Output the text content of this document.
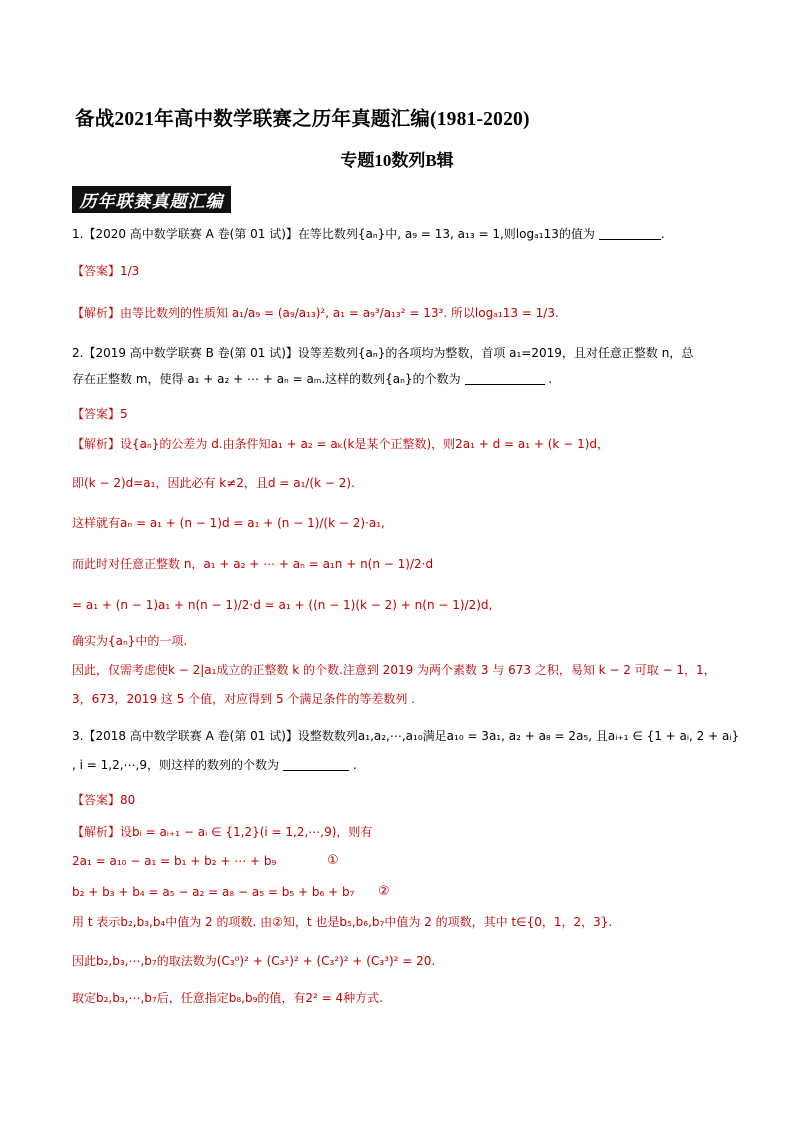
备战2021年高中数学联赛之历年真题汇编(1981-2020)
专题10数列B辑
历年联赛真题汇编
1.【2020 高中数学联赛 A 卷(第 01 试)】在等比数列{aₙ}中, a₉ = 13, a₁₃ = 1,则logₐ₁13的值为	.
【答案】1/3
【解析】由等比数列的性质知 a₁/a₉ = (a₉/a₁₃)², a₁ = a₉³/a₁₃² = 13³. 所以logₐ₁13 = 1/3.
2.【2019 高中数学联赛 B 卷(第 01 试)】设等差数列{aₙ}的各项均为整数，首项 a₁=2019，且对任意正整数 n，总
存在正整数 m，使得 a₁ + a₂ + ⋯ + aₙ = aₘ.这样的数列{aₙ}的个数为	.
【答案】5
【解析】设{aₙ}的公差为 d.由条件知a₁ + a₂ = aₖ(k是某个正整数)，则2a₁ + d = a₁ + (k − 1)d，
即(k − 2)d=a₁，因此必有 k≠2，且d = a₁/(k − 2).
这样就有aₙ = a₁ + (n − 1)d = a₁ + (n − 1)/(k − 2)·a₁,
而此时对任意正整数 n，a₁ + a₂ + ⋯ + aₙ = a₁n + n(n − 1)/2·d
= a₁ + (n − 1)a₁ + n(n − 1)/2·d = a₁ + ((n − 1)(k − 2) + n(n − 1)/2)d,
确实为{aₙ}中的一项.
因此，仅需考虑使k − 2|a₁成立的正整数 k 的个数.注意到 2019 为两个素数 3 与 673 之积，易知 k − 2 可取 − 1，1，
3，673，2019 这 5 个值，对应得到 5 个满足条件的等差数列 .
3.【2018 高中数学联赛 A 卷(第 01 试)】设整数数列a₁,a₂,⋯,a₁₀满足a₁₀ = 3a₁, a₂ + a₈ = 2a₅, 且aᵢ₊₁ ∈ {1 + aᵢ, 2 + aᵢ}
, i = 1,2,⋯,9，则这样的数列的个数为	.
【答案】80
【解析】设bᵢ = aᵢ₊₁ − aᵢ ∈ {1,2}(i = 1,2,⋯,9)，则有
2a₁ = a₁₀ − a₁ = b₁ + b₂ + ⋯ + b₉
b₂ + b₃ + b₄ = a₅ − a₂ = a₈ − a₅ = b₅ + b₆ + b₇
用 t 表示b₂,b₃,b₄中值为 2 的项数. 由②知，t 也是b₅,b₆,b₇中值为 2 的项数，其中 t∈{0，1，2，3}.
因此b₂,b₃,⋯,b₇的取法数为(C₃⁰)² + (C₃¹)² + (C₃²)² + (C₃³)² = 20.
取定b₂,b₃,⋯,b₇后，任意指定b₈,b₉的值，有2² = 4种方式.
①
②
